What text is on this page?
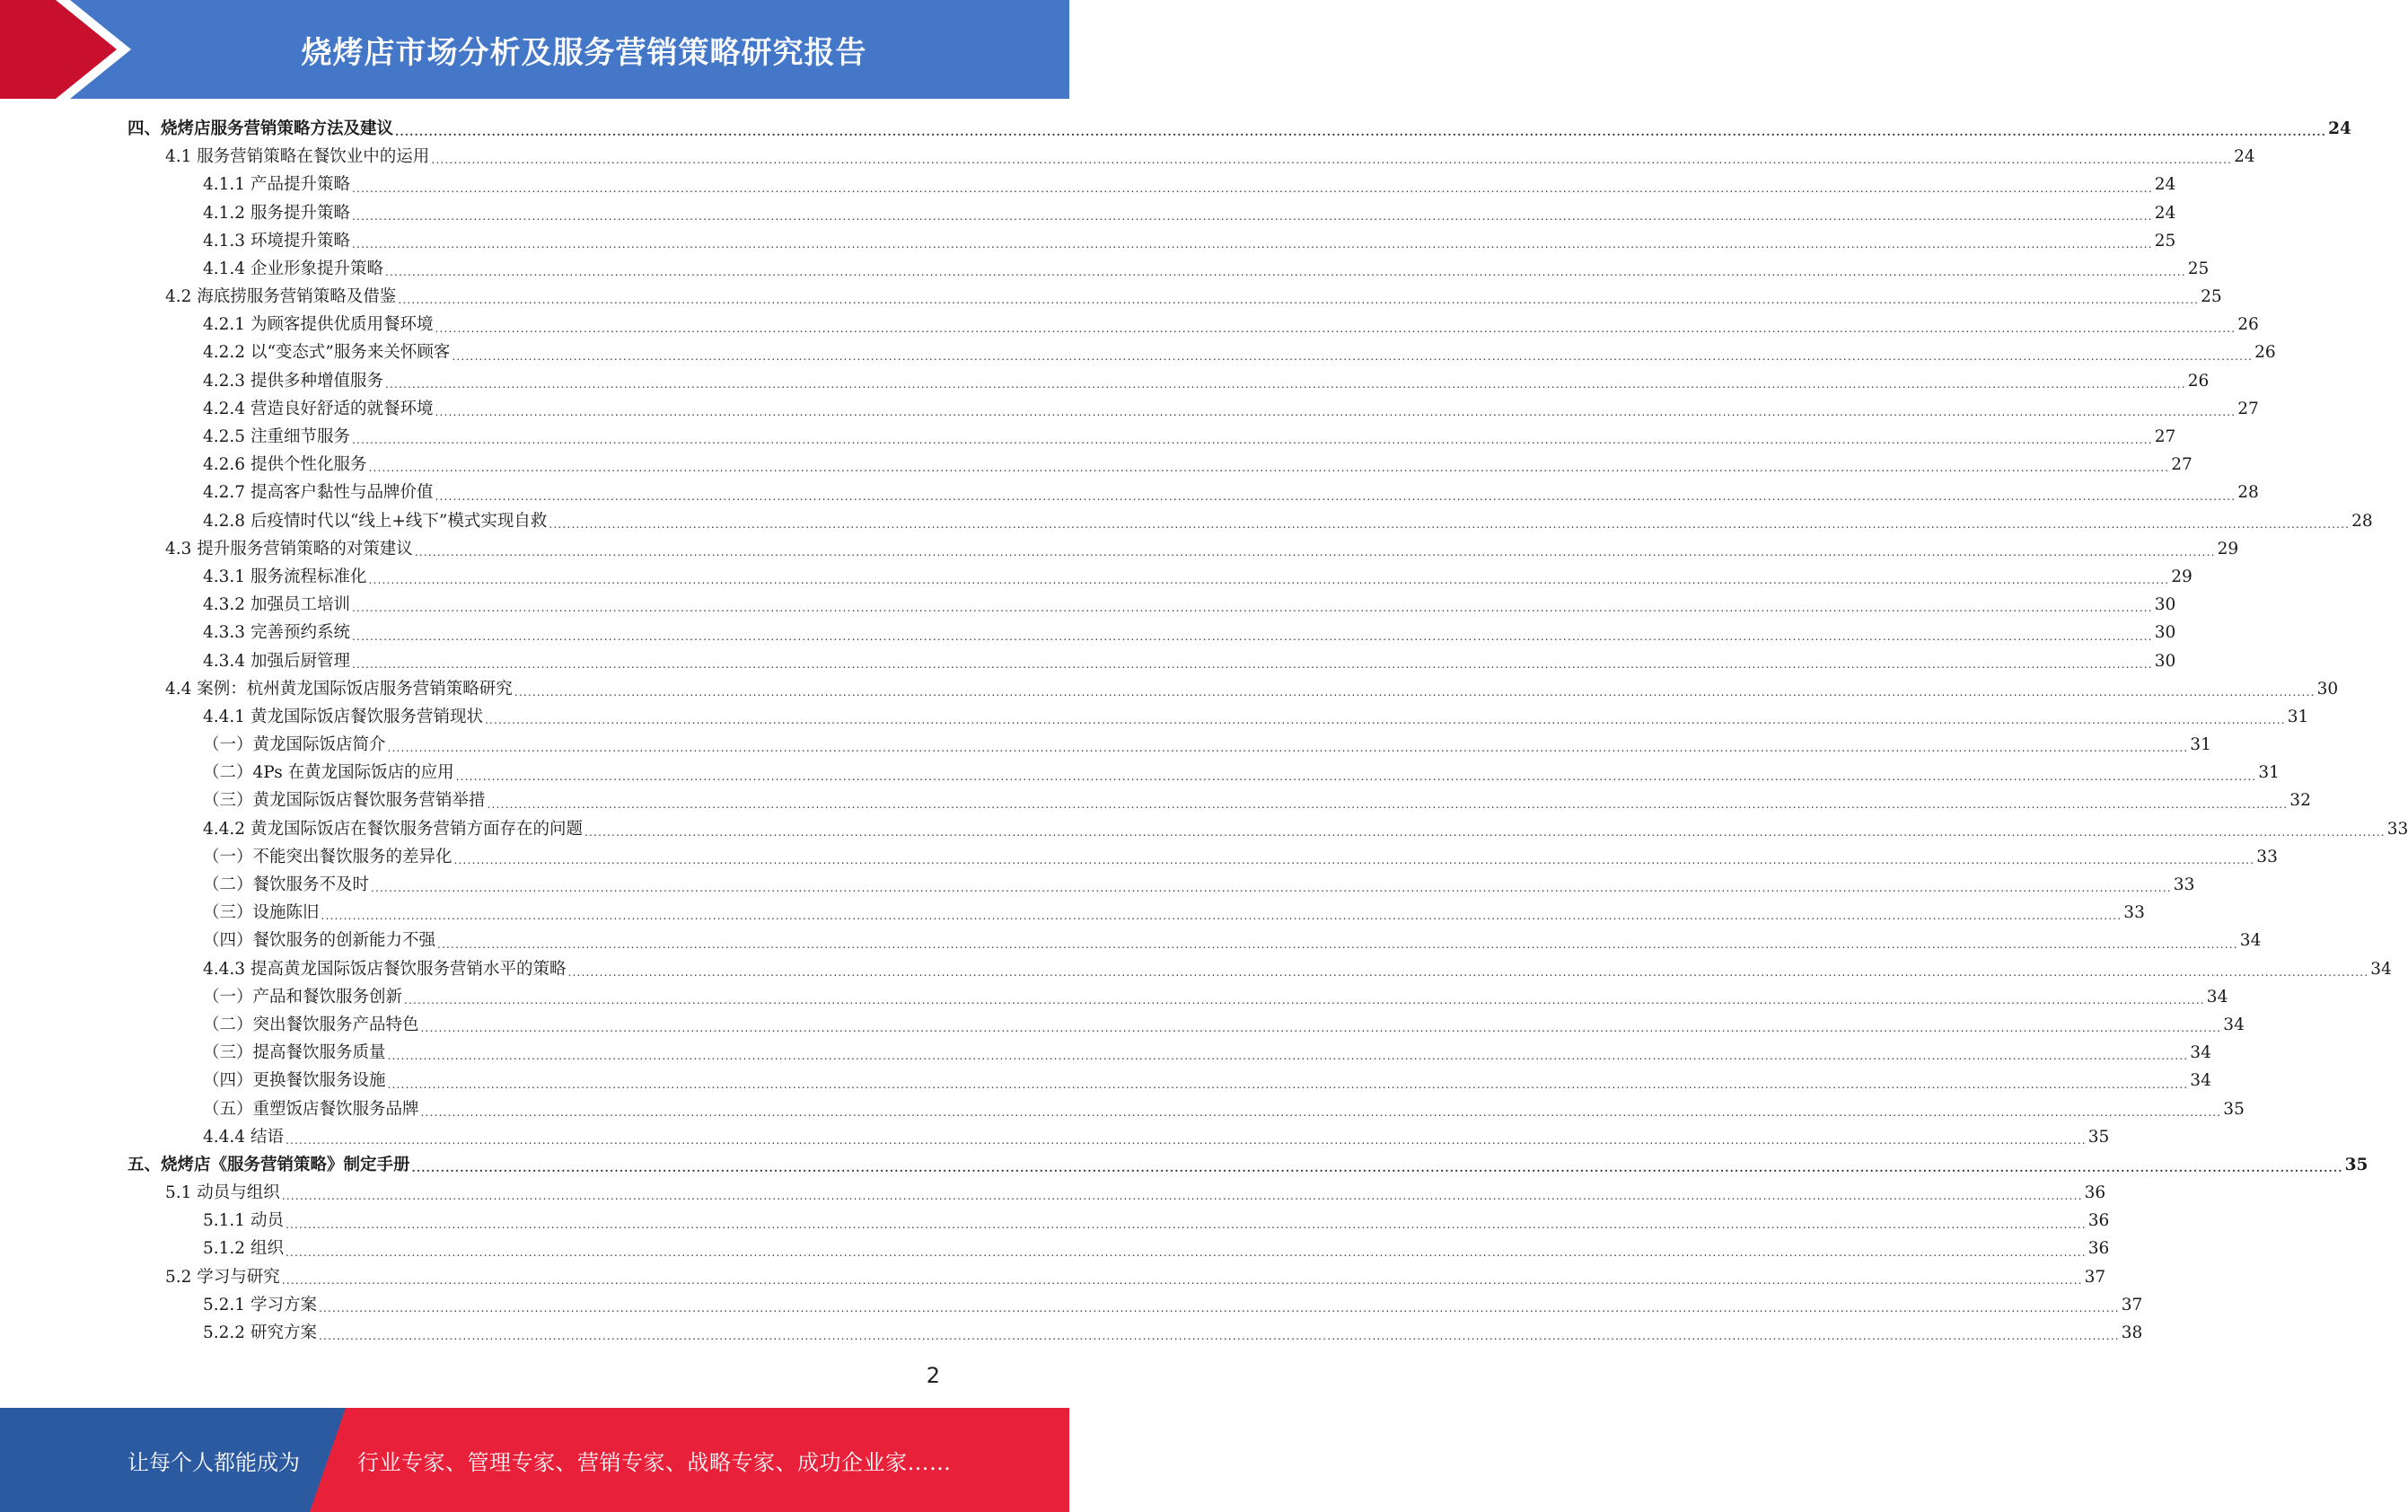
烧烤店市场分析及服务营销策略研究报告
四、烧烤店服务营销策略方法及建议 ................................................................................................................................................................................................................................................................................................................................................................................................................ 24
4.1 服务营销策略在餐饮业中的运用 ................................................................................................................................................................................................................................................................................................................................................................................................................ 24
4.1.1 产品提升策略 ................................................................................................................................................................................................................................................................................................................................................................................................................ 24
4.1.2 服务提升策略 ................................................................................................................................................................................................................................................................................................................................................................................................................ 24
4.1.3 环境提升策略 ................................................................................................................................................................................................................................................................................................................................................................................................................ 25
4.1.4 企业形象提升策略 ................................................................................................................................................................................................................................................................................................................................................................................................................ 25
4.2 海底捞服务营销策略及借鉴 ................................................................................................................................................................................................................................................................................................................................................................................................................ 25
4.2.1 为顾客提供优质用餐环境 ................................................................................................................................................................................................................................................................................................................................................................................................................ 26
4.2.2 以“变态式”服务来关怀顾客 ................................................................................................................................................................................................................................................................................................................................................................................................................ 26
4.2.3 提供多种增值服务 ................................................................................................................................................................................................................................................................................................................................................................................................................ 26
4.2.4 营造良好舒适的就餐环境 ................................................................................................................................................................................................................................................................................................................................................................................................................ 27
4.2.5 注重细节服务 ................................................................................................................................................................................................................................................................................................................................................................................................................ 27
4.2.6 提供个性化服务 ................................................................................................................................................................................................................................................................................................................................................................................................................ 27
4.2.7 提高客户黏性与品牌价值 ................................................................................................................................................................................................................................................................................................................................................................................................................ 28
4.2.8 后疫情时代以“线上+线下”模式实现自救 ................................................................................................................................................................................................................................................................................................................................................................................................................ 28
4.3 提升服务营销策略的对策建议 ................................................................................................................................................................................................................................................................................................................................................................................................................ 29
4.3.1 服务流程标准化 ................................................................................................................................................................................................................................................................................................................................................................................................................ 29
4.3.2 加强员工培训 ................................................................................................................................................................................................................................................................................................................................................................................................................ 30
4.3.3 完善预约系统 ................................................................................................................................................................................................................................................................................................................................................................................................................ 30
4.3.4 加强后厨管理 ................................................................................................................................................................................................................................................................................................................................................................................................................ 30
4.4 案例：杭州黄龙国际饭店服务营销策略研究 ................................................................................................................................................................................................................................................................................................................................................................................................................ 30
4.4.1 黄龙国际饭店餐饮服务营销现状 ................................................................................................................................................................................................................................................................................................................................................................................................................ 31
（一）黄龙国际饭店简介 ................................................................................................................................................................................................................................................................................................................................................................................................................ 31
（二）4Ps 在黄龙国际饭店的应用 ................................................................................................................................................................................................................................................................................................................................................................................................................ 31
（三）黄龙国际饭店餐饮服务营销举措 ................................................................................................................................................................................................................................................................................................................................................................................................................ 32
4.4.2 黄龙国际饭店在餐饮服务营销方面存在的问题 ................................................................................................................................................................................................................................................................................................................................................................................................................ 33
（一）不能突出餐饮服务的差异化 ................................................................................................................................................................................................................................................................................................................................................................................................................ 33
（二）餐饮服务不及时 ................................................................................................................................................................................................................................................................................................................................................................................................................ 33
（三）设施陈旧 ................................................................................................................................................................................................................................................................................................................................................................................................................ 33
（四）餐饮服务的创新能力不强 ................................................................................................................................................................................................................................................................................................................................................................................................................ 34
4.4.3 提高黄龙国际饭店餐饮服务营销水平的策略 ................................................................................................................................................................................................................................................................................................................................................................................................................ 34
（一）产品和餐饮服务创新 ................................................................................................................................................................................................................................................................................................................................................................................................................ 34
（二）突出餐饮服务产品特色 ................................................................................................................................................................................................................................................................................................................................................................................................................ 34
（三）提高餐饮服务质量 ................................................................................................................................................................................................................................................................................................................................................................................................................ 34
（四）更换餐饮服务设施 ................................................................................................................................................................................................................................................................................................................................................................................................................ 34
（五）重塑饭店餐饮服务品牌 ................................................................................................................................................................................................................................................................................................................................................................................................................ 35
4.4.4 结语 ................................................................................................................................................................................................................................................................................................................................................................................................................ 35
五、烧烤店《服务营销策略》制定手册 ................................................................................................................................................................................................................................................................................................................................................................................................................ 35
5.1 动员与组织 ................................................................................................................................................................................................................................................................................................................................................................................................................ 36
5.1.1 动员 ................................................................................................................................................................................................................................................................................................................................................................................................................ 36
5.1.2 组织 ................................................................................................................................................................................................................................................................................................................................................................................................................ 36
5.2 学习与研究 ................................................................................................................................................................................................................................................................................................................................................................................................................ 37
5.2.1 学习方案 ................................................................................................................................................................................................................................................................................................................................................................................................................ 37
5.2.2 研究方案 ................................................................................................................................................................................................................................................................................................................................................................................................................ 38
2
让每个人都能成为	行业专家、管理专家、营销专家、战略专家、成功企业家……
